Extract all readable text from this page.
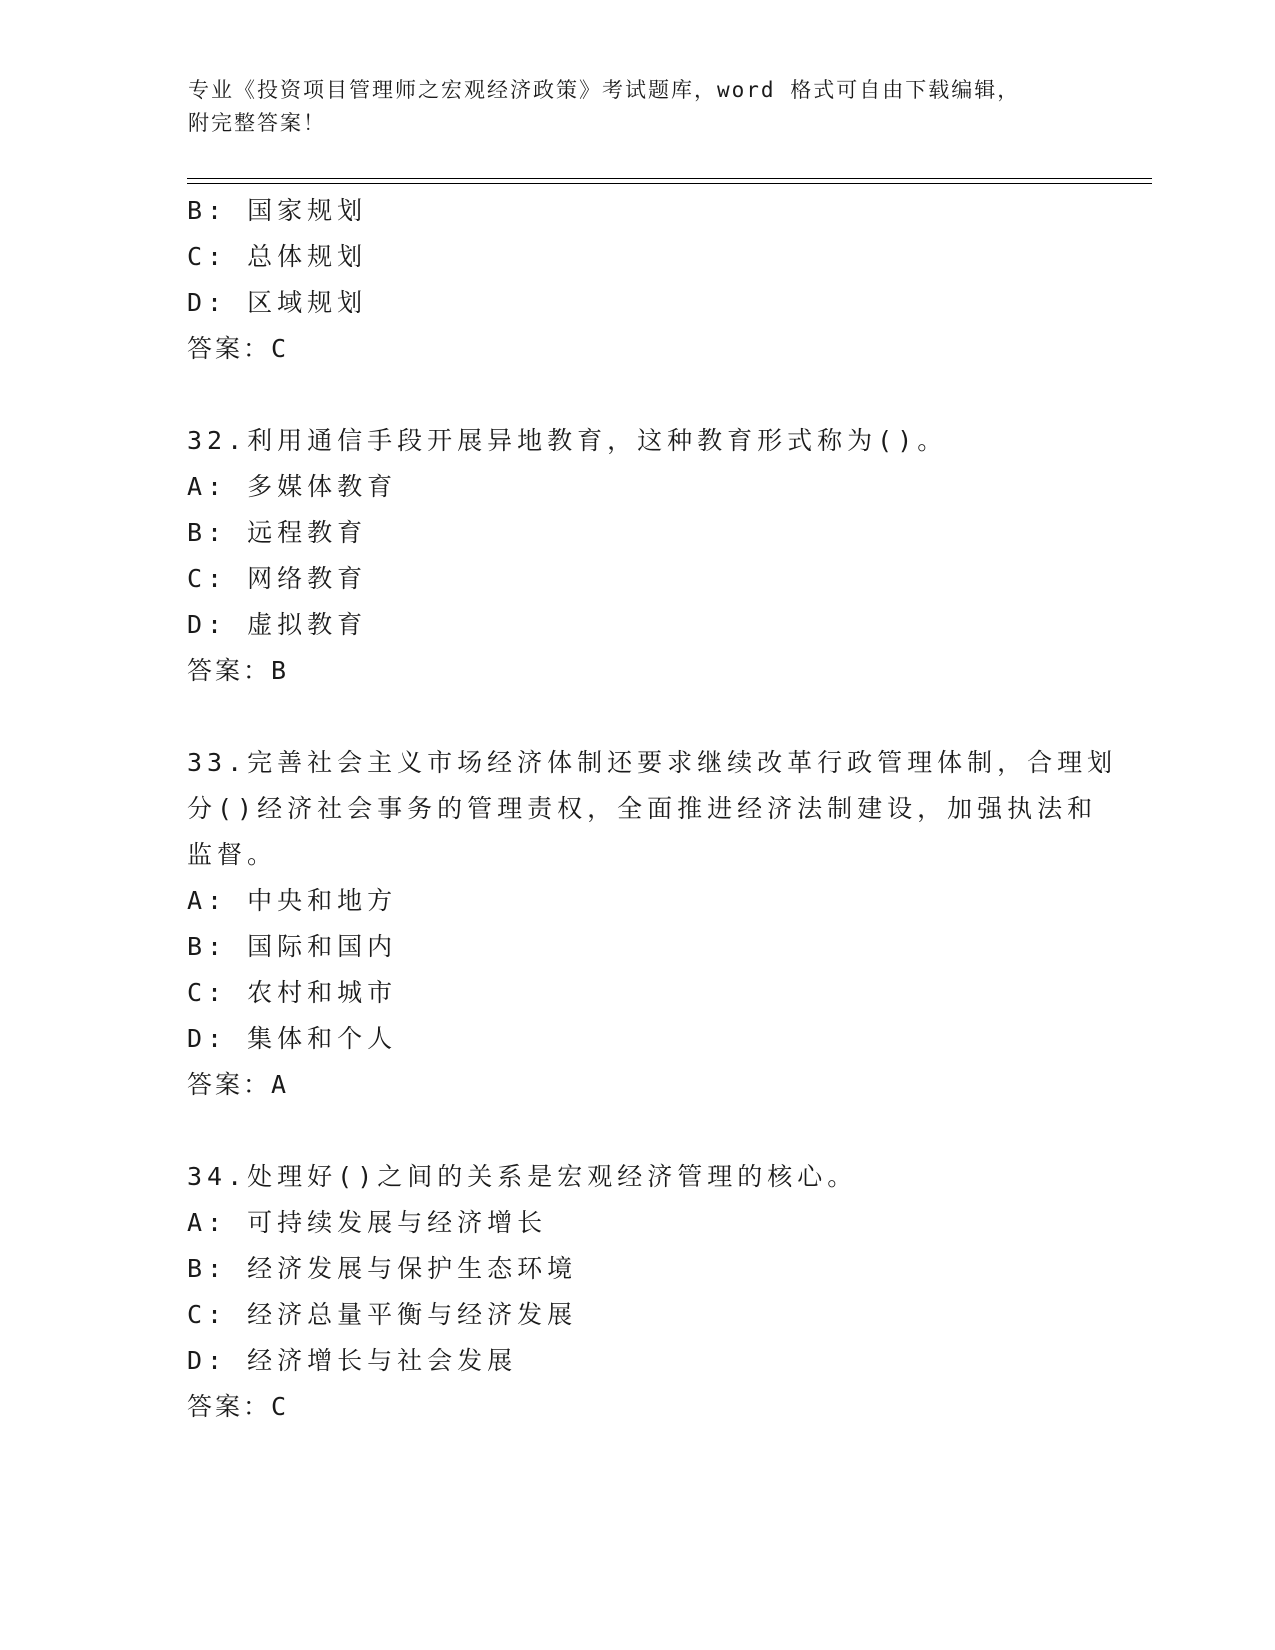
专业《投资项目管理师之宏观经济政策》考试题库，word 格式可自由下载编辑，
附完整答案！
B: 国家规划
C: 总体规划
D: 区域规划
答案：C
32.利用通信手段开展异地教育，这种教育形式称为()。
A: 多媒体教育
B: 远程教育
C: 网络教育
D: 虚拟教育
答案：B
33.完善社会主义市场经济体制还要求继续改革行政管理体制，合理划
分()经济社会事务的管理责权，全面推进经济法制建设，加强执法和
监督。
A: 中央和地方
B: 国际和国内
C: 农村和城市
D: 集体和个人
答案：A
34.处理好()之间的关系是宏观经济管理的核心。
A: 可持续发展与经济增长
B: 经济发展与保护生态环境
C: 经济总量平衡与经济发展
D: 经济增长与社会发展
答案：C
